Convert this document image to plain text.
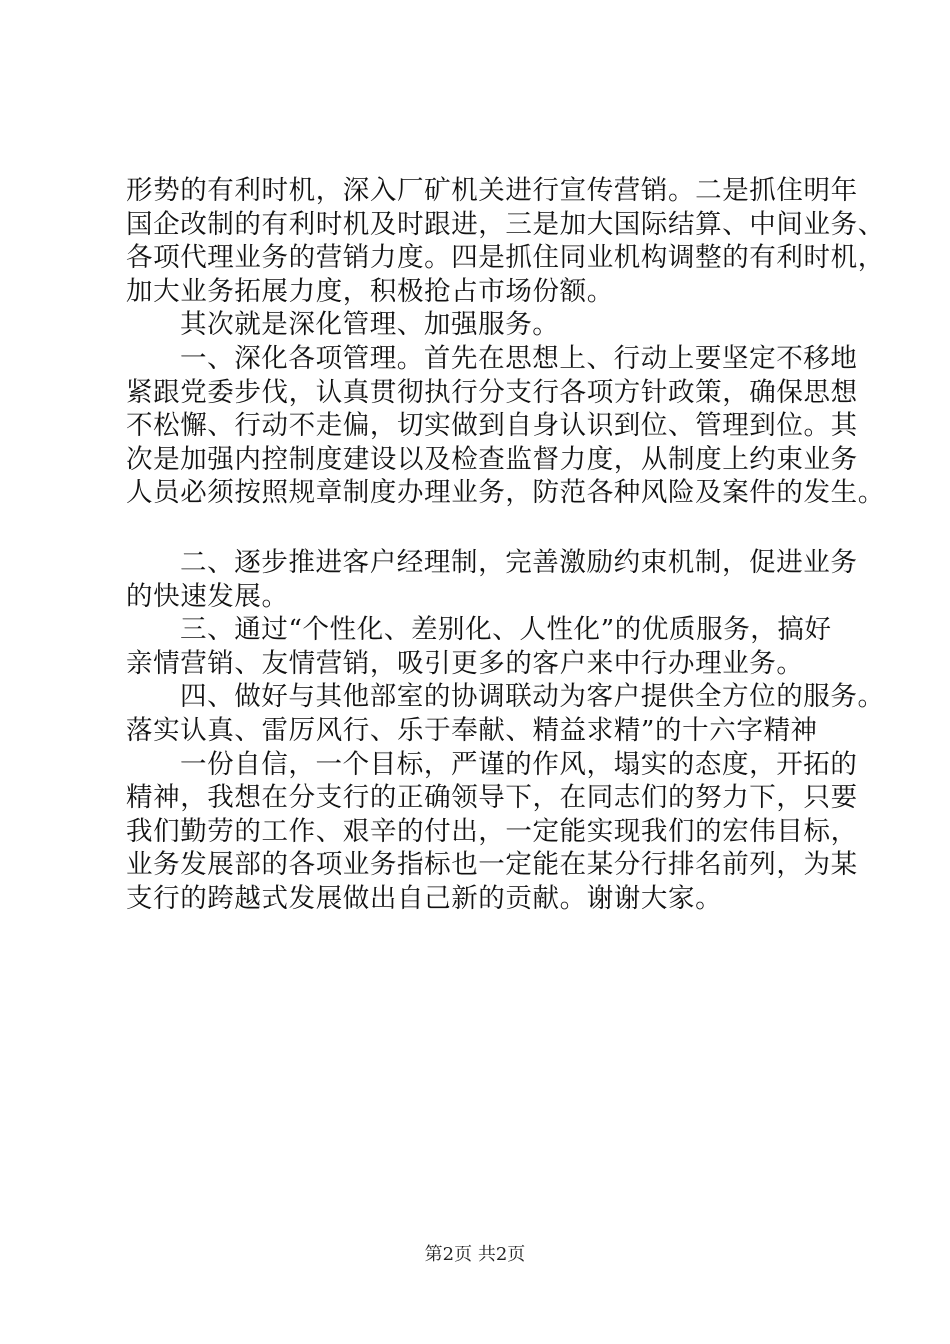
形势的有利时机，深入厂矿机关进行宣传营销。二是抓住明年
国企改制的有利时机及时跟进，三是加大国际结算、中间业务、
各项代理业务的营销力度。四是抓住同业机构调整的有利时机，
加大业务拓展力度，积极抢占市场份额。
其次就是深化管理、加强服务。
一、深化各项管理。首先在思想上、行动上要坚定不移地
紧跟党委步伐，认真贯彻执行分支行各项方针政策，确保思想
不松懈、行动不走偏，切实做到自身认识到位、管理到位。其
次是加强内控制度建设以及检查监督力度，从制度上约束业务
人员必须按照规章制度办理业务，防范各种风险及案件的发生。
二、逐步推进客户经理制，完善激励约束机制，促进业务
的快速发展。
三、通过“个性化、差别化、人性化”的优质服务，搞好
亲情营销、友情营销，吸引更多的客户来中行办理业务。
四、做好与其他部室的协调联动为客户提供全方位的服务。
落实认真、雷厉风行、乐于奉献、精益求精”的十六字精神
一份自信，一个目标，严谨的作风，塌实的态度，开拓的
精神，我想在分支行的正确领导下，在同志们的努力下，只要
我们勤劳的工作、艰辛的付出，一定能实现我们的宏伟目标，
业务发展部的各项业务指标也一定能在某分行排名前列，为某
支行的跨越式发展做出自己新的贡献。谢谢大家。
第2页 共2页
